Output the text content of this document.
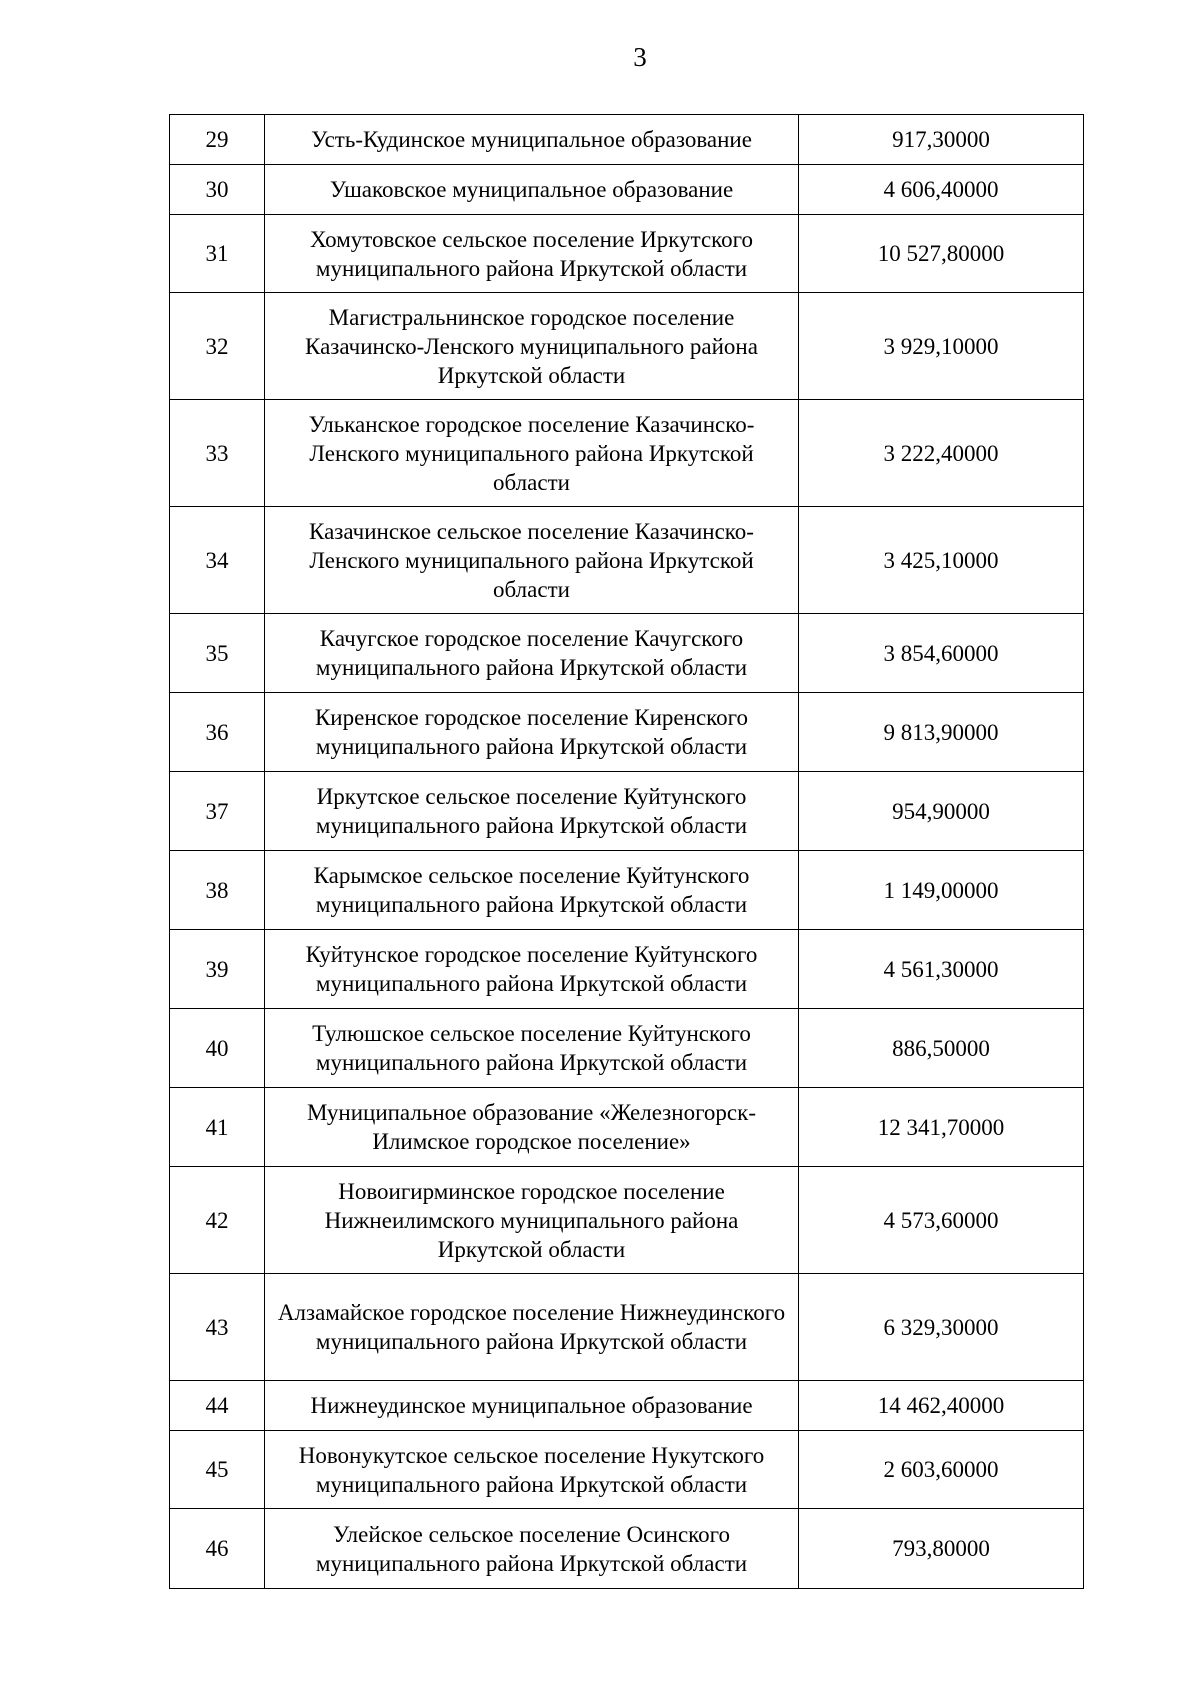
3
29	Усть-Кудинское муниципальное образование	917,30000
30	Ушаковское муниципальное образование	4 606,40000
31	Хомутовское сельское поселение Иркутского муниципального района Иркутской области	10 527,80000
32	Магистральнинское городское поселение Казачинско-Ленского муниципального района Иркутской области	3 929,10000
33	Ульканское городское поселение Казачинско-Ленского муниципального района Иркутской области	3 222,40000
34	Казачинское сельское поселение Казачинско-Ленского муниципального района Иркутской области	3 425,10000
35	Качугское городское поселение Качугского муниципального района Иркутской области	3 854,60000
36	Киренское городское поселение Киренского муниципального района Иркутской области	9 813,90000
37	Иркутское сельское поселение Куйтунского муниципального района Иркутской области	954,90000
38	Карымское сельское поселение Куйтунского муниципального района Иркутской области	1 149,00000
39	Куйтунское городское поселение Куйтунского муниципального района Иркутской области	4 561,30000
40	Тулюшское сельское поселение Куйтунского муниципального района Иркутской области	886,50000
41	Муниципальное образование «Железногорск-Илимское городское поселение»	12 341,70000
42	Новоигирминское городское поселение Нижнеилимского муниципального района Иркутской области	4 573,60000
43	Алзамайское городское поселение Нижнеудинского муниципального района Иркутской области	6 329,30000
44	Нижнеудинское муниципальное образование	14 462,40000
45	Новонукутское сельское поселение Нукутского муниципального района Иркутской области	2 603,60000
46	Улейское сельское поселение Осинского муниципального района Иркутской области	793,80000
